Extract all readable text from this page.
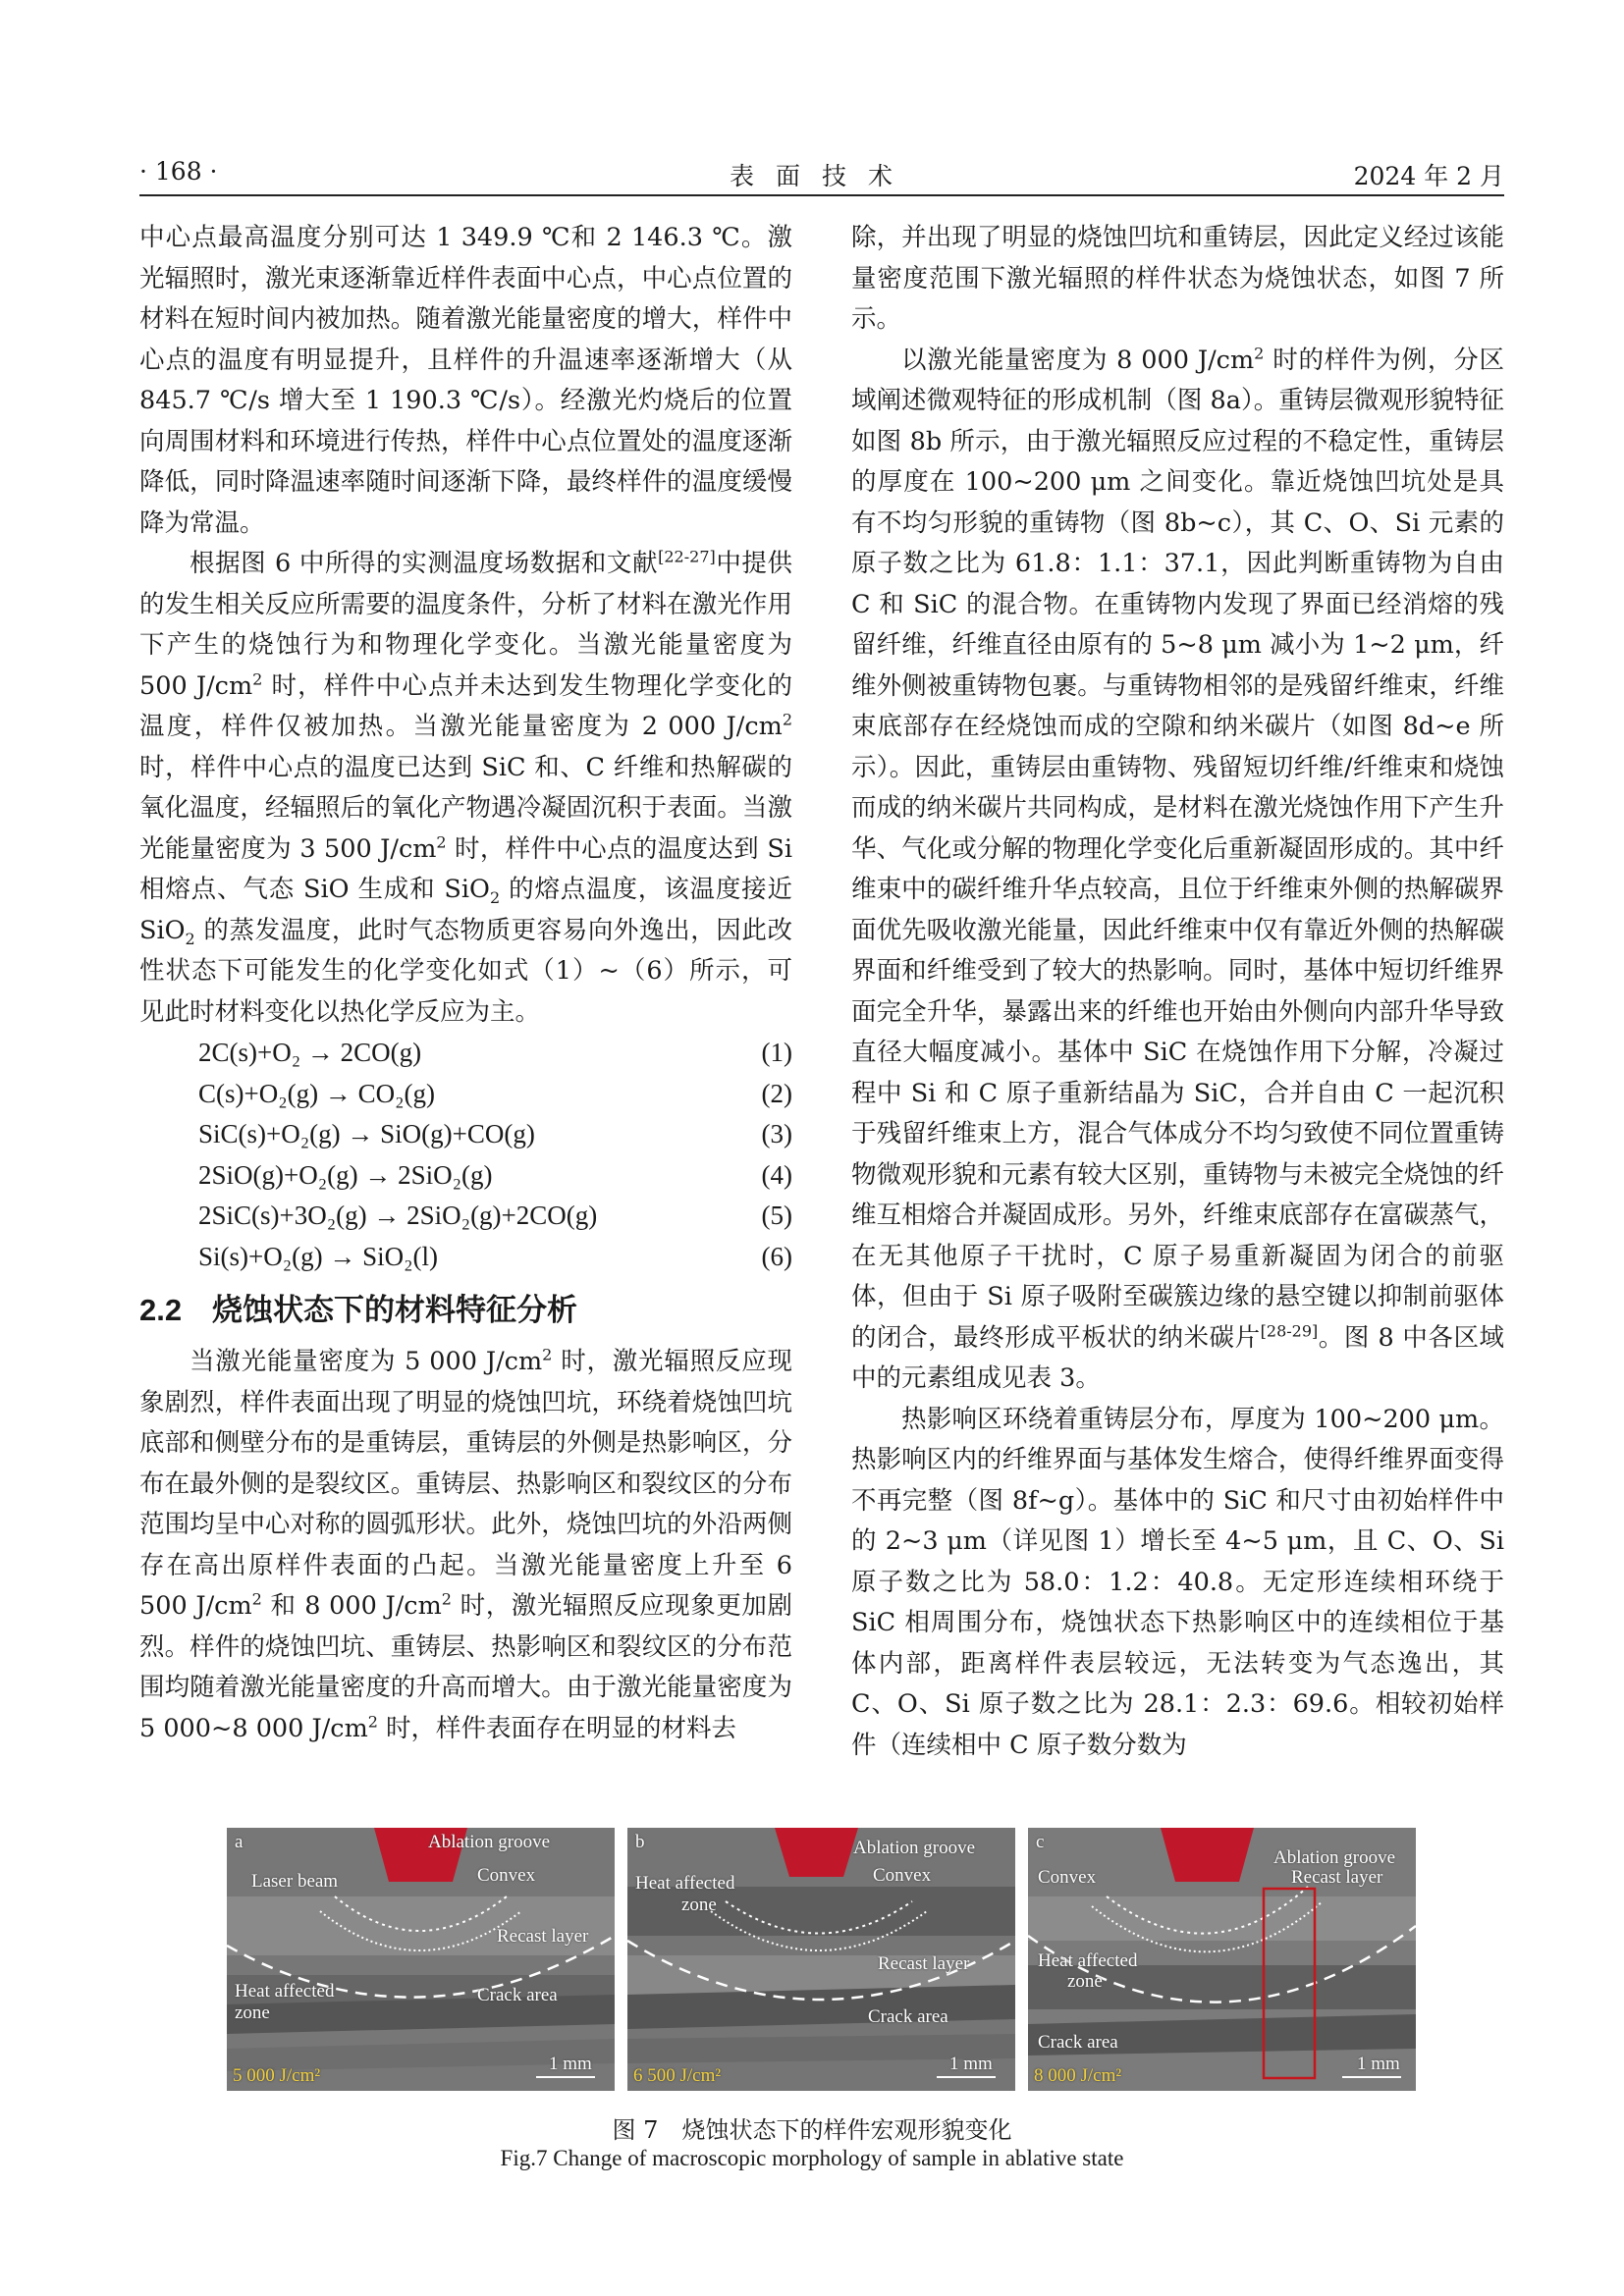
· 168 ·	表面技术	2024 年 2 月

中心点最高温度分别可达 1 349.9 ℃和 2 146.3 ℃。激光辐照时，激光束逐渐靠近样件表面中心点，中心点位置的材料在短时间内被加热。随着激光能量密度的增大，样件中心点的温度有明显提升，且样件的升温速率逐渐增大（从 845.7 ℃/s 增大至 1 190.3 ℃/s）。经激光灼烧后的位置向周围材料和环境进行传热，样件中心点位置处的温度逐渐降低，同时降温速率随时间逐渐下降，最终样件的温度缓慢降为常温。

根据图 6 中所得的实测温度场数据和文献[22-27]中提供的发生相关反应所需要的温度条件，分析了材料在激光作用下产生的烧蚀行为和物理化学变化。当激光能量密度为 500 $J/cm^2$ 时，样件中心点并未达到发生物理化学变化的温度，样件仅被加热。当激光能量密度为 2 000 $J/cm^2$ 时，样件中心点的温度已达到 SiC 和、C 纤维和热解碳的氧化温度，经辐照后的氧化产物遇冷凝固沉积于表面。当激光能量密度为 3 500 $J/cm^2$ 时，样件中心点的温度达到 Si 相熔点、气态 SiO 生成和 SiO$_2$ 的熔点温度，该温度接近 SiO$_2$ 的蒸发温度，此时气态物质更容易向外逸出，因此改性状态下可能发生的化学变化如式（1）~（6）所示，可见此时材料变化以热化学反应为主。

2C(s)+O₂ → 2CO(g)	(1)
C(s)+O₂(g) → CO₂(g)	(2)
SiC(s)+O₂(g) → SiO(g)+CO(g)	(3)
2SiO(g)+O₂(g) → 2SiO₂(g)	(4)
2SiC(s)+3O₂(g) → 2SiO₂(g)+2CO(g)	(5)
Si(s)+O₂(g) → SiO₂(l)	(6)
2.2 烧蚀状态下的材料特征分析

当激光能量密度为 5 000 $J/cm^2$ 时，激光辐照反应现象剧烈，样件表面出现了明显的烧蚀凹坑，环绕着烧蚀凹坑底部和侧壁分布的是重铸层，重铸层的外侧是热影响区，分布在最外侧的是裂纹区。重铸层、热影响区和裂纹区的分布范围均呈中心对称的圆弧形状。此外，烧蚀凹坑的外沿两侧存在高出原样件表面的凸起。当激光能量密度上升至 6 500 $J/cm^2$ 和 8 000 $J/cm^2$ 时，激光辐照反应现象更加剧烈。样件的烧蚀凹坑、重铸层、热影响区和裂纹区的分布范围均随着激光能量密度的升高而增大。由于激光能量密度为 5 000~8 000 $J/cm^2$ 时，样件表面存在明显的材料去

除，并出现了明显的烧蚀凹坑和重铸层，因此定义经过该能量密度范围下激光辐照的样件状态为烧蚀状态，如图 7 所示。

以激光能量密度为 8 000 $J/cm^2$ 时的样件为例，分区域阐述微观特征的形成机制（图 8a）。重铸层微观形貌特征如图 8b 所示，由于激光辐照反应过程的不稳定性，重铸层的厚度在 100~200 μm 之间变化。靠近烧蚀凹坑处是具有不均匀形貌的重铸物（图 8b~c），其 C、O、Si 元素的原子数之比为 61.8：1.1：37.1，因此判断重铸物为自由 C 和 SiC 的混合物。在重铸物内发现了界面已经消熔的残留纤维，纤维直径由原有的 5~8 μm 减小为 1~2 μm，纤维外侧被重铸物包裹。与重铸物相邻的是残留纤维束，纤维束底部存在经烧蚀而成的空隙和纳米碳片（如图 8d~e 所示）。因此，重铸层由重铸物、残留短切纤维/纤维束和烧蚀而成的纳米碳片共同构成，是材料在激光烧蚀作用下产生升华、气化或分解的物理化学变化后重新凝固形成的。其中纤维束中的碳纤维升华点较高，且位于纤维束外侧的热解碳界面优先吸收激光能量，因此纤维束中仅有靠近外侧的热解碳界面和纤维受到了较大的热影响。同时，基体中短切纤维界面完全升华，暴露出来的纤维也开始由外侧向内部升华导致直径大幅度减小。基体中 SiC 在烧蚀作用下分解，冷凝过程中 Si 和 C 原子重新结晶为 SiC，合并自由 C 一起沉积于残留纤维束上方，混合气体成分不均匀致使不同位置重铸物微观形貌和元素有较大区别，重铸物与未被完全烧蚀的纤维互相熔合并凝固成形。另外，纤维束底部存在富碳蒸气，在无其他原子干扰时，C 原子易重新凝固为闭合的前驱体，但由于 Si 原子吸附至碳簇边缘的悬空键以抑制前驱体的闭合，最终形成平板状的纳米碳片[28-29]。图 8 中各区域中的元素组成见表 3。

热影响区环绕着重铸层分布，厚度为 100~200 μm。热影响区内的纤维界面与基体发生熔合，使得纤维界面变得不再完整（图 8f~g）。基体中的 SiC 和尺寸由初始样件中的 2~3 μm（详见图 1）增长至 4~5 μm，且 C、O、Si 原子数之比为 58.0：1.2：40.8。无定形连续相环绕于 SiC 相周围分布，烧蚀状态下热影响区中的连续相位于基体内部，距离样件表层较远，无法转变为气态逸出，其 C、O、Si 原子数之比为 28.1：2.3：69.6。相较初始样件（连续相中 C 原子数分数为

a	Ablation groove
Convex
Laser beam
Recast layer
Heat affected
zone
Crack area
5 000 J/cm²
1 mm
b	Ablation groove
Convex
Heat affected
zone
Recast layer
Crack area
6 500 J/cm²
1 mm
c
Ablation groove
Recast layer
Convex
Heat affected
zone
Crack area
8 000 J/cm²
1 mm
图 7　烧蚀状态下的样件宏观形貌变化
Fig.7 Change of macroscopic morphology of sample in ablative state
